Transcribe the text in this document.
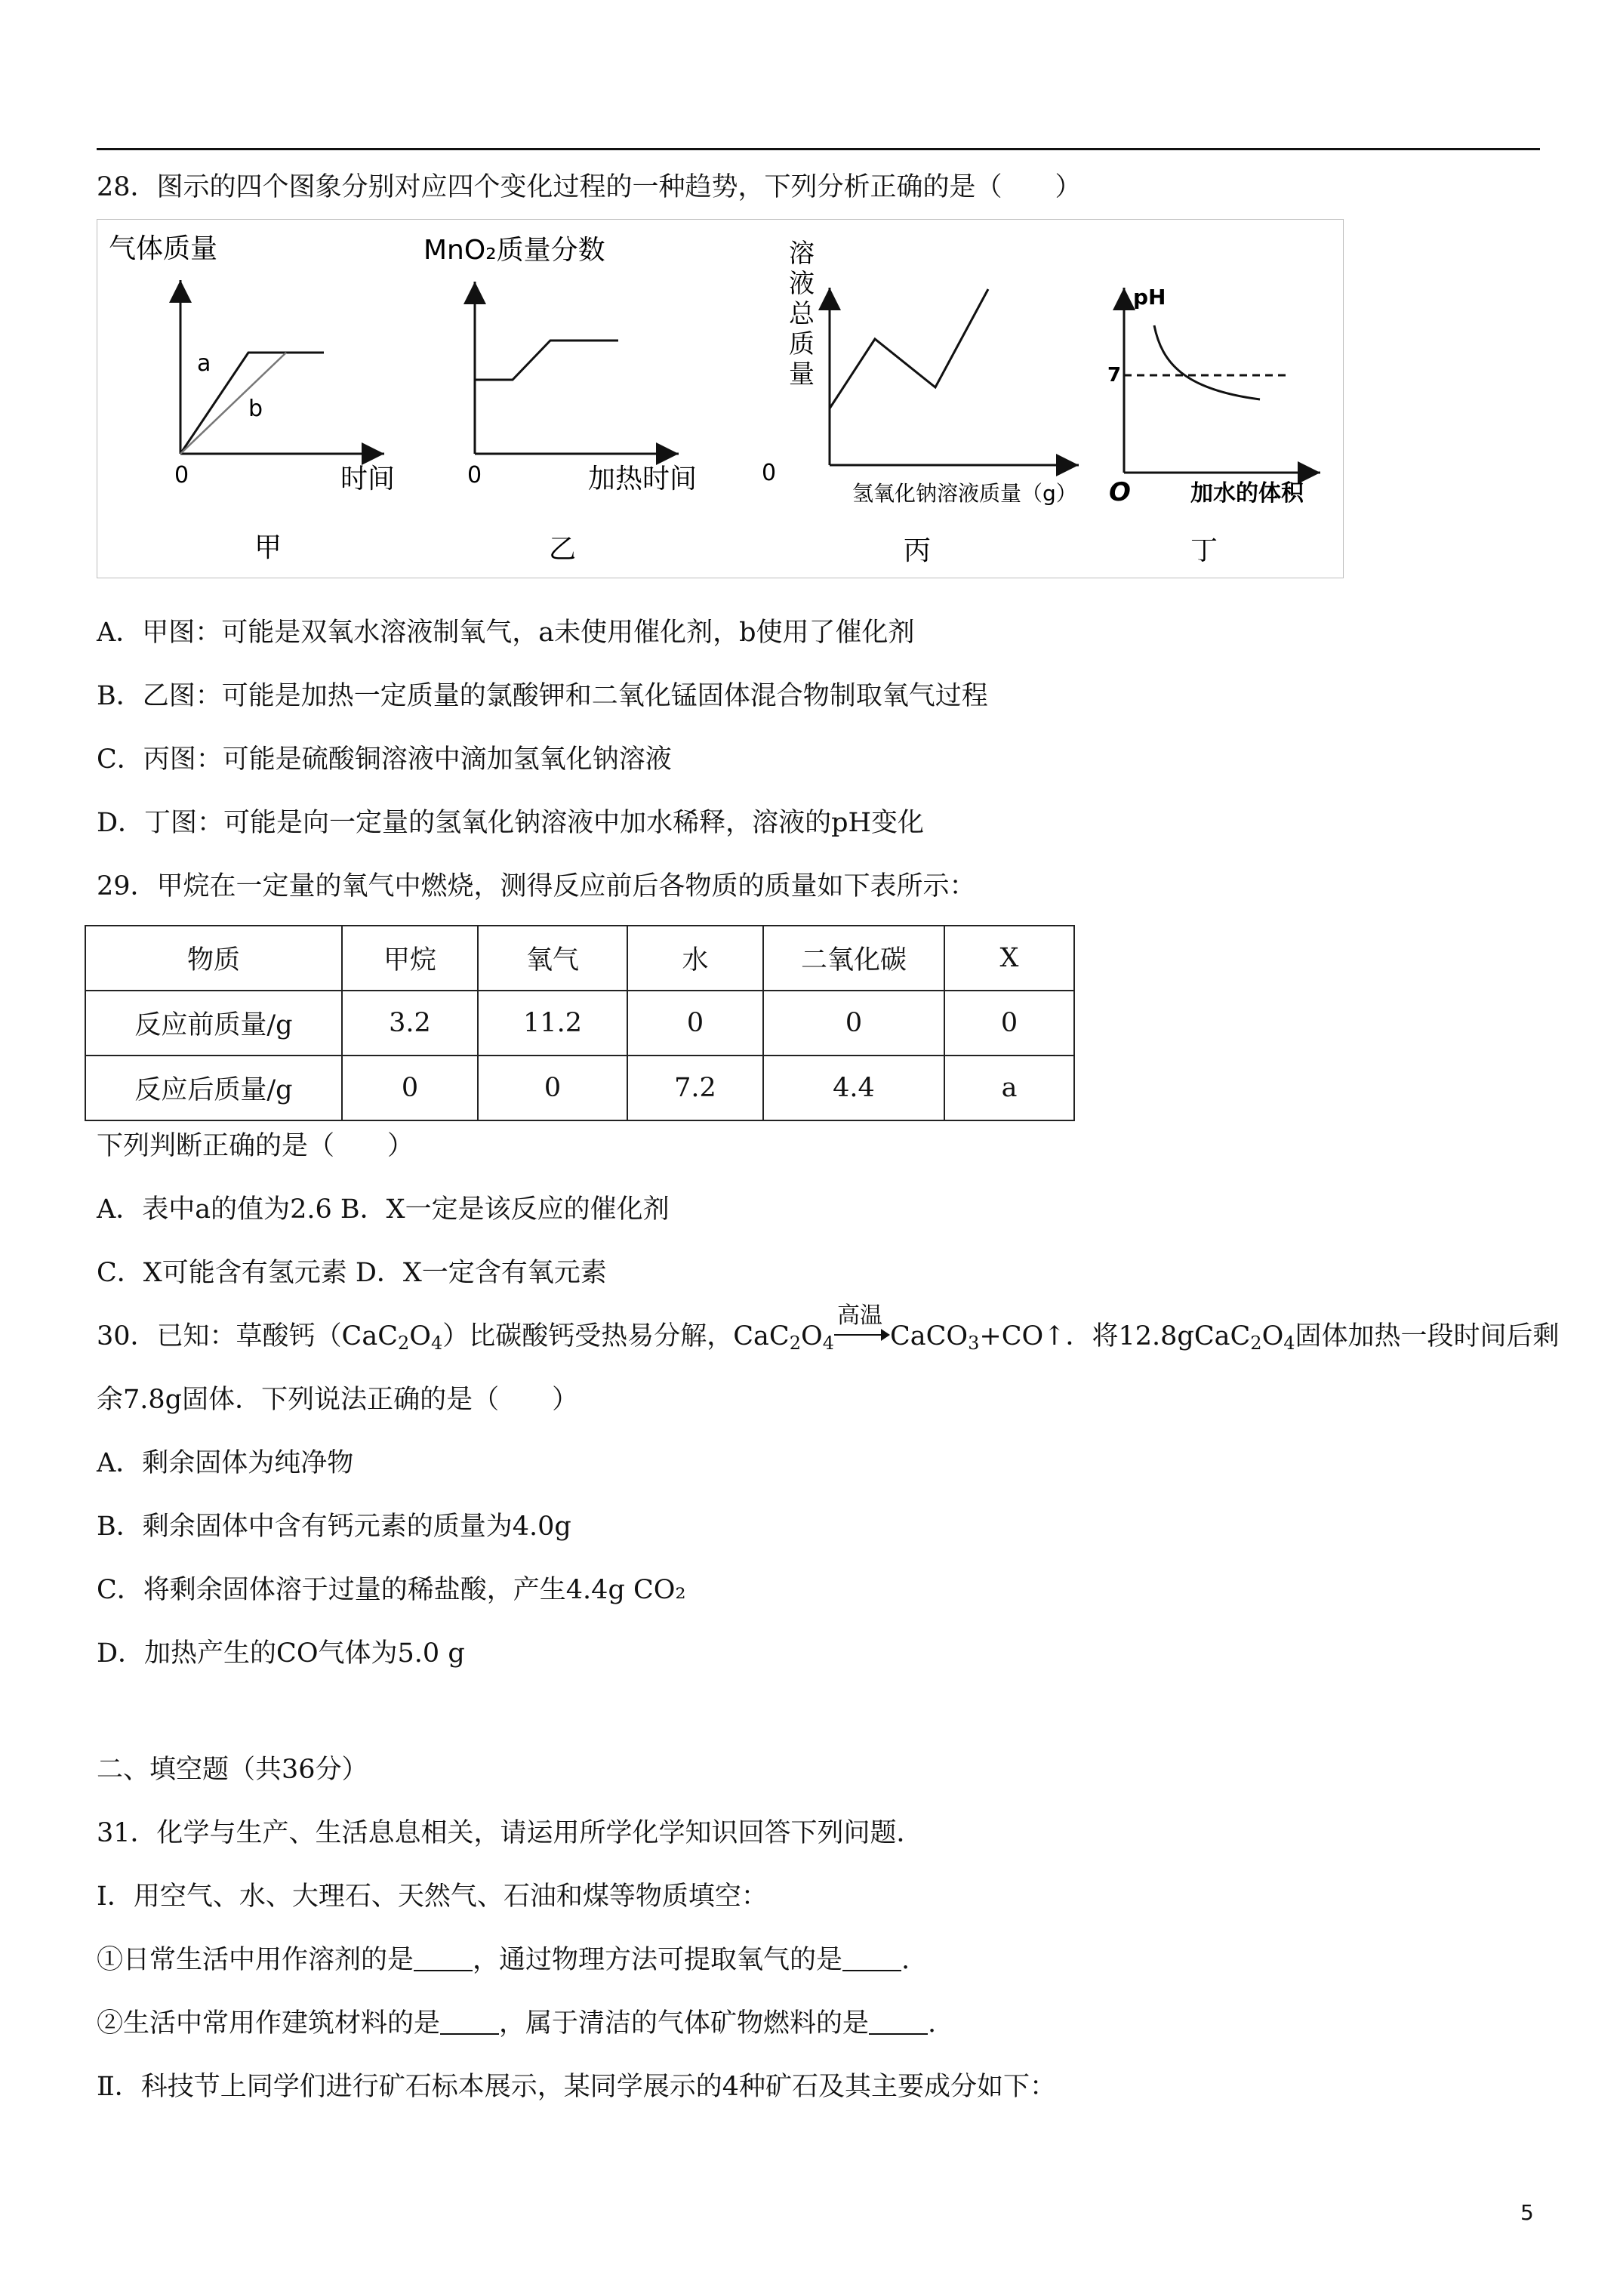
28．图示的四个图象分别对应四个变化过程的一种趋势，下列分析正确的是（　　）
气体质量
0	时间
a
b
甲
MnO₂质量分数
0	加热时间
乙
溶 液 总 质 量
0
氢氧化钠溶液质量（g）
丙
pH
7
O	加水的体积
丁
A．甲图：可能是双氧水溶液制氧气，a未使用催化剂，b使用了催化剂
B．乙图：可能是加热一定质量的氯酸钾和二氧化锰固体混合物制取氧气过程
C．丙图：可能是硫酸铜溶液中滴加氢氧化钠溶液
D．丁图：可能是向一定量的氢氧化钠溶液中加水稀释，溶液的pH变化
29．甲烷在一定量的氧气中燃烧，测得反应前后各物质的质量如下表所示：
物质	甲烷	氧气	水	二氧化碳	X
反应前质量/g	3.2	11.2	0	0	0
反应后质量/g	0	0	7.2	4.4	a
下列判断正确的是（　　）
A．表中a的值为2.6 B．X一定是该反应的催化剂
C．X可能含有氢元素 D．X一定含有氧元素
30．已知：草酸钙$(CaC_2O_4)$比碳酸钙受热易分解，$CaC_2O_4$
高温
CaCO$_3$+CO↑．将$12.8gCaC_2O_4$固体加热一段时间后剩
余7.8g固体．下列说法正确的是（　　）
A．剩余固体为纯净物
B．剩余固体中含有钙元素的质量为4.0g
C．将剩余固体溶于过量的稀盐酸，产生4.4g CO₂
D．加热产生的CO气体为5.0 g
二、填空题（共36分）
31．化学与生产、生活息息相关，请运用所学化学知识回答下列问题．
Ⅰ．用空气、水、大理石、天然气、石油和煤等物质填空：
①日常生活中用作溶剂的是 ，通过物理方法可提取氧气的是 .
②生活中常用作建筑材料的是 ，属于清洁的气体矿物燃料的是 .
Ⅱ．科技节上同学们进行矿石标本展示，某同学展示的4种矿石及其主要成分如下：
5
